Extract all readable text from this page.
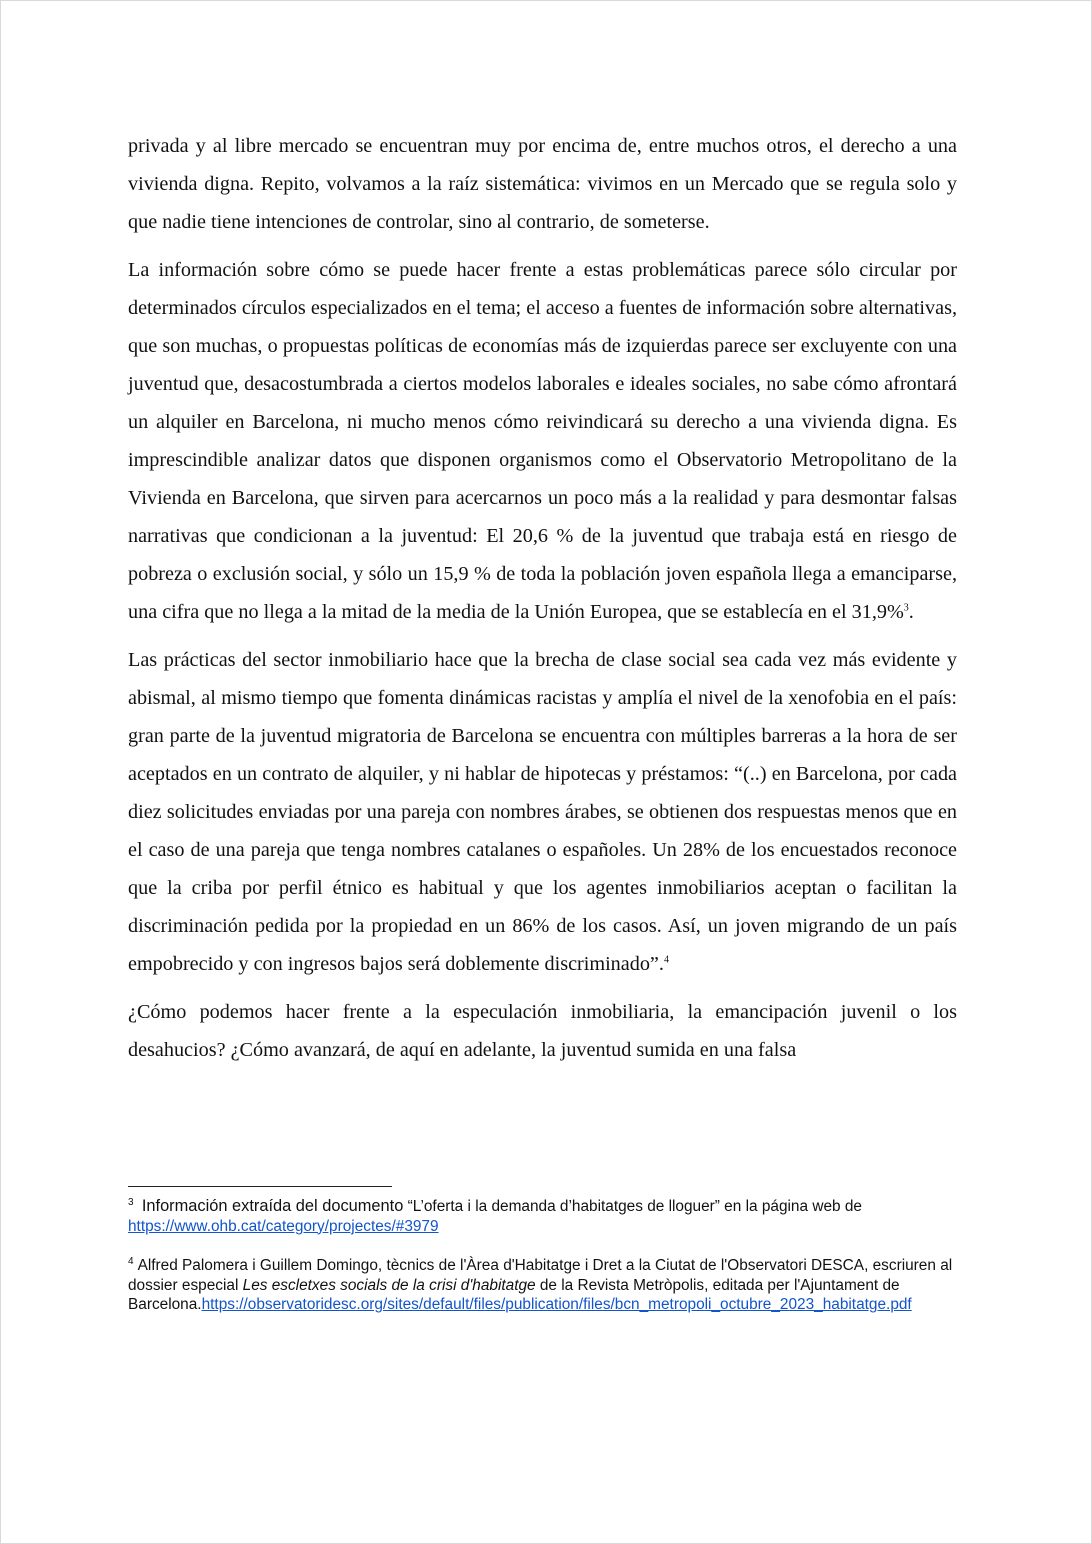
privada y al libre mercado se encuentran muy por encima de, entre muchos otros, el derecho a una vivienda digna. Repito, volvamos a la raíz sistemática: vivimos en un Mercado que se regula solo y que nadie tiene intenciones de controlar, sino al contrario, de someterse.

La información sobre cómo se puede hacer frente a estas problemáticas parece sólo circular por determinados círculos especializados en el tema; el acceso a fuentes de información sobre alternativas, que son muchas, o propuestas políticas de economías más de izquierdas parece ser excluyente con una juventud que, desacostumbrada a ciertos modelos laborales e ideales sociales, no sabe cómo afrontará un alquiler en Barcelona, ni mucho menos cómo reivindicará su derecho a una vivienda digna. Es imprescindible analizar datos que disponen organismos como el Observatorio Metropolitano de la Vivienda en Barcelona, que sirven para acercarnos un poco más a la realidad y para desmontar falsas narrativas que condicionan a la juventud: El 20,6 % de la juventud que trabaja está en riesgo de pobreza o exclusión social, y sólo un 15,9 % de toda la población joven española llega a emanciparse, una cifra que no llega a la mitad de la media de la Unión Europea, que se establecía en el 31,9%$^3$.

Las prácticas del sector inmobiliario hace que la brecha de clase social sea cada vez más evidente y abismal, al mismo tiempo que fomenta dinámicas racistas y amplía el nivel de la xenofobia en el país: gran parte de la juventud migratoria de Barcelona se encuentra con múltiples barreras a la hora de ser aceptados en un contrato de alquiler, y ni hablar de hipotecas y préstamos: “(..) en Barcelona, por cada diez solicitudes enviadas por una pareja con nombres árabes, se obtienen dos respuestas menos que en el caso de una pareja que tenga nombres catalanes o españoles. Un 28% de los encuestados reconoce que la criba por perfil étnico es habitual y que los agentes inmobiliarios aceptan o facilitan la discriminación pedida por la propiedad en un 86% de los casos. Así, un joven migrando de un país empobrecido y con ingresos bajos será doblemente discriminado”.$^4$

¿Cómo podemos hacer frente a la especulación inmobiliaria, la emancipación juvenil o los desahucios? ¿Cómo avanzará, de aquí en adelante, la juventud sumida en una falsa

$^3$ Información extraída del documento “L’oferta i la demanda d’habitatges de lloguer” en la página web de
https://www.ohb.cat/category/projectes/#3979
$^4$ Alfred Palomera i Guillem Domingo, tècnics de l'Àrea d'Habitatge i Dret a la Ciutat de l'Observatori DESCA, escriuren al dossier especial Les escletxes socials de la crisi d'habitatge de la Revista Metròpolis, editada per l'Ajuntament de Barcelona.https://observatoridesc.org/sites/default/files/publication/files/bcn_metropoli_octubre_2023_habitatge.pdf
